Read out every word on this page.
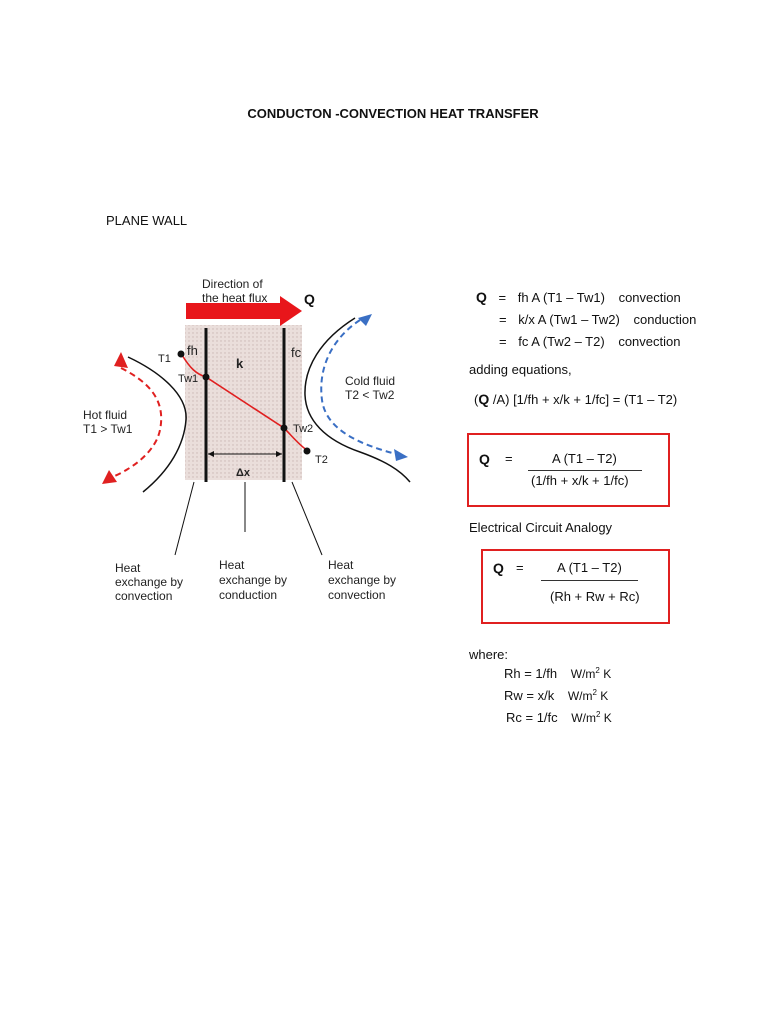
CONDUCTON -CONVECTION HEAT TRANSFER
PLANE WALL
Direction of
the heat flux	Q
k
fh	fc
T1
Tw1
Tw2
T2
Δx
Hot fluid
T1 > Tw1
Cold fluid
T2 < Tw2
Heat
exchange by
convection
Heat
exchange by
conduction
Heat
exchange by
convection
Q = fh A (T1 – Tw1) convection
= k/x A (Tw1 – Tw2) conduction
= fc A (Tw2 – T2) convection
adding equations,
(Q /A) [1/fh + x/k + 1/fc] = (T1 – T2)
Q =	A (T1 – T2)
(1/fh + x/k + 1/fc)
Electrical Circuit Analogy
Q =	A (T1 – T2)
(Rh + Rw + Rc)
where:
Rh = 1/fh $W/m^2$ K
Rw = x/k $W/m^2$ K
Rc = 1/fc $W/m^2$ K
